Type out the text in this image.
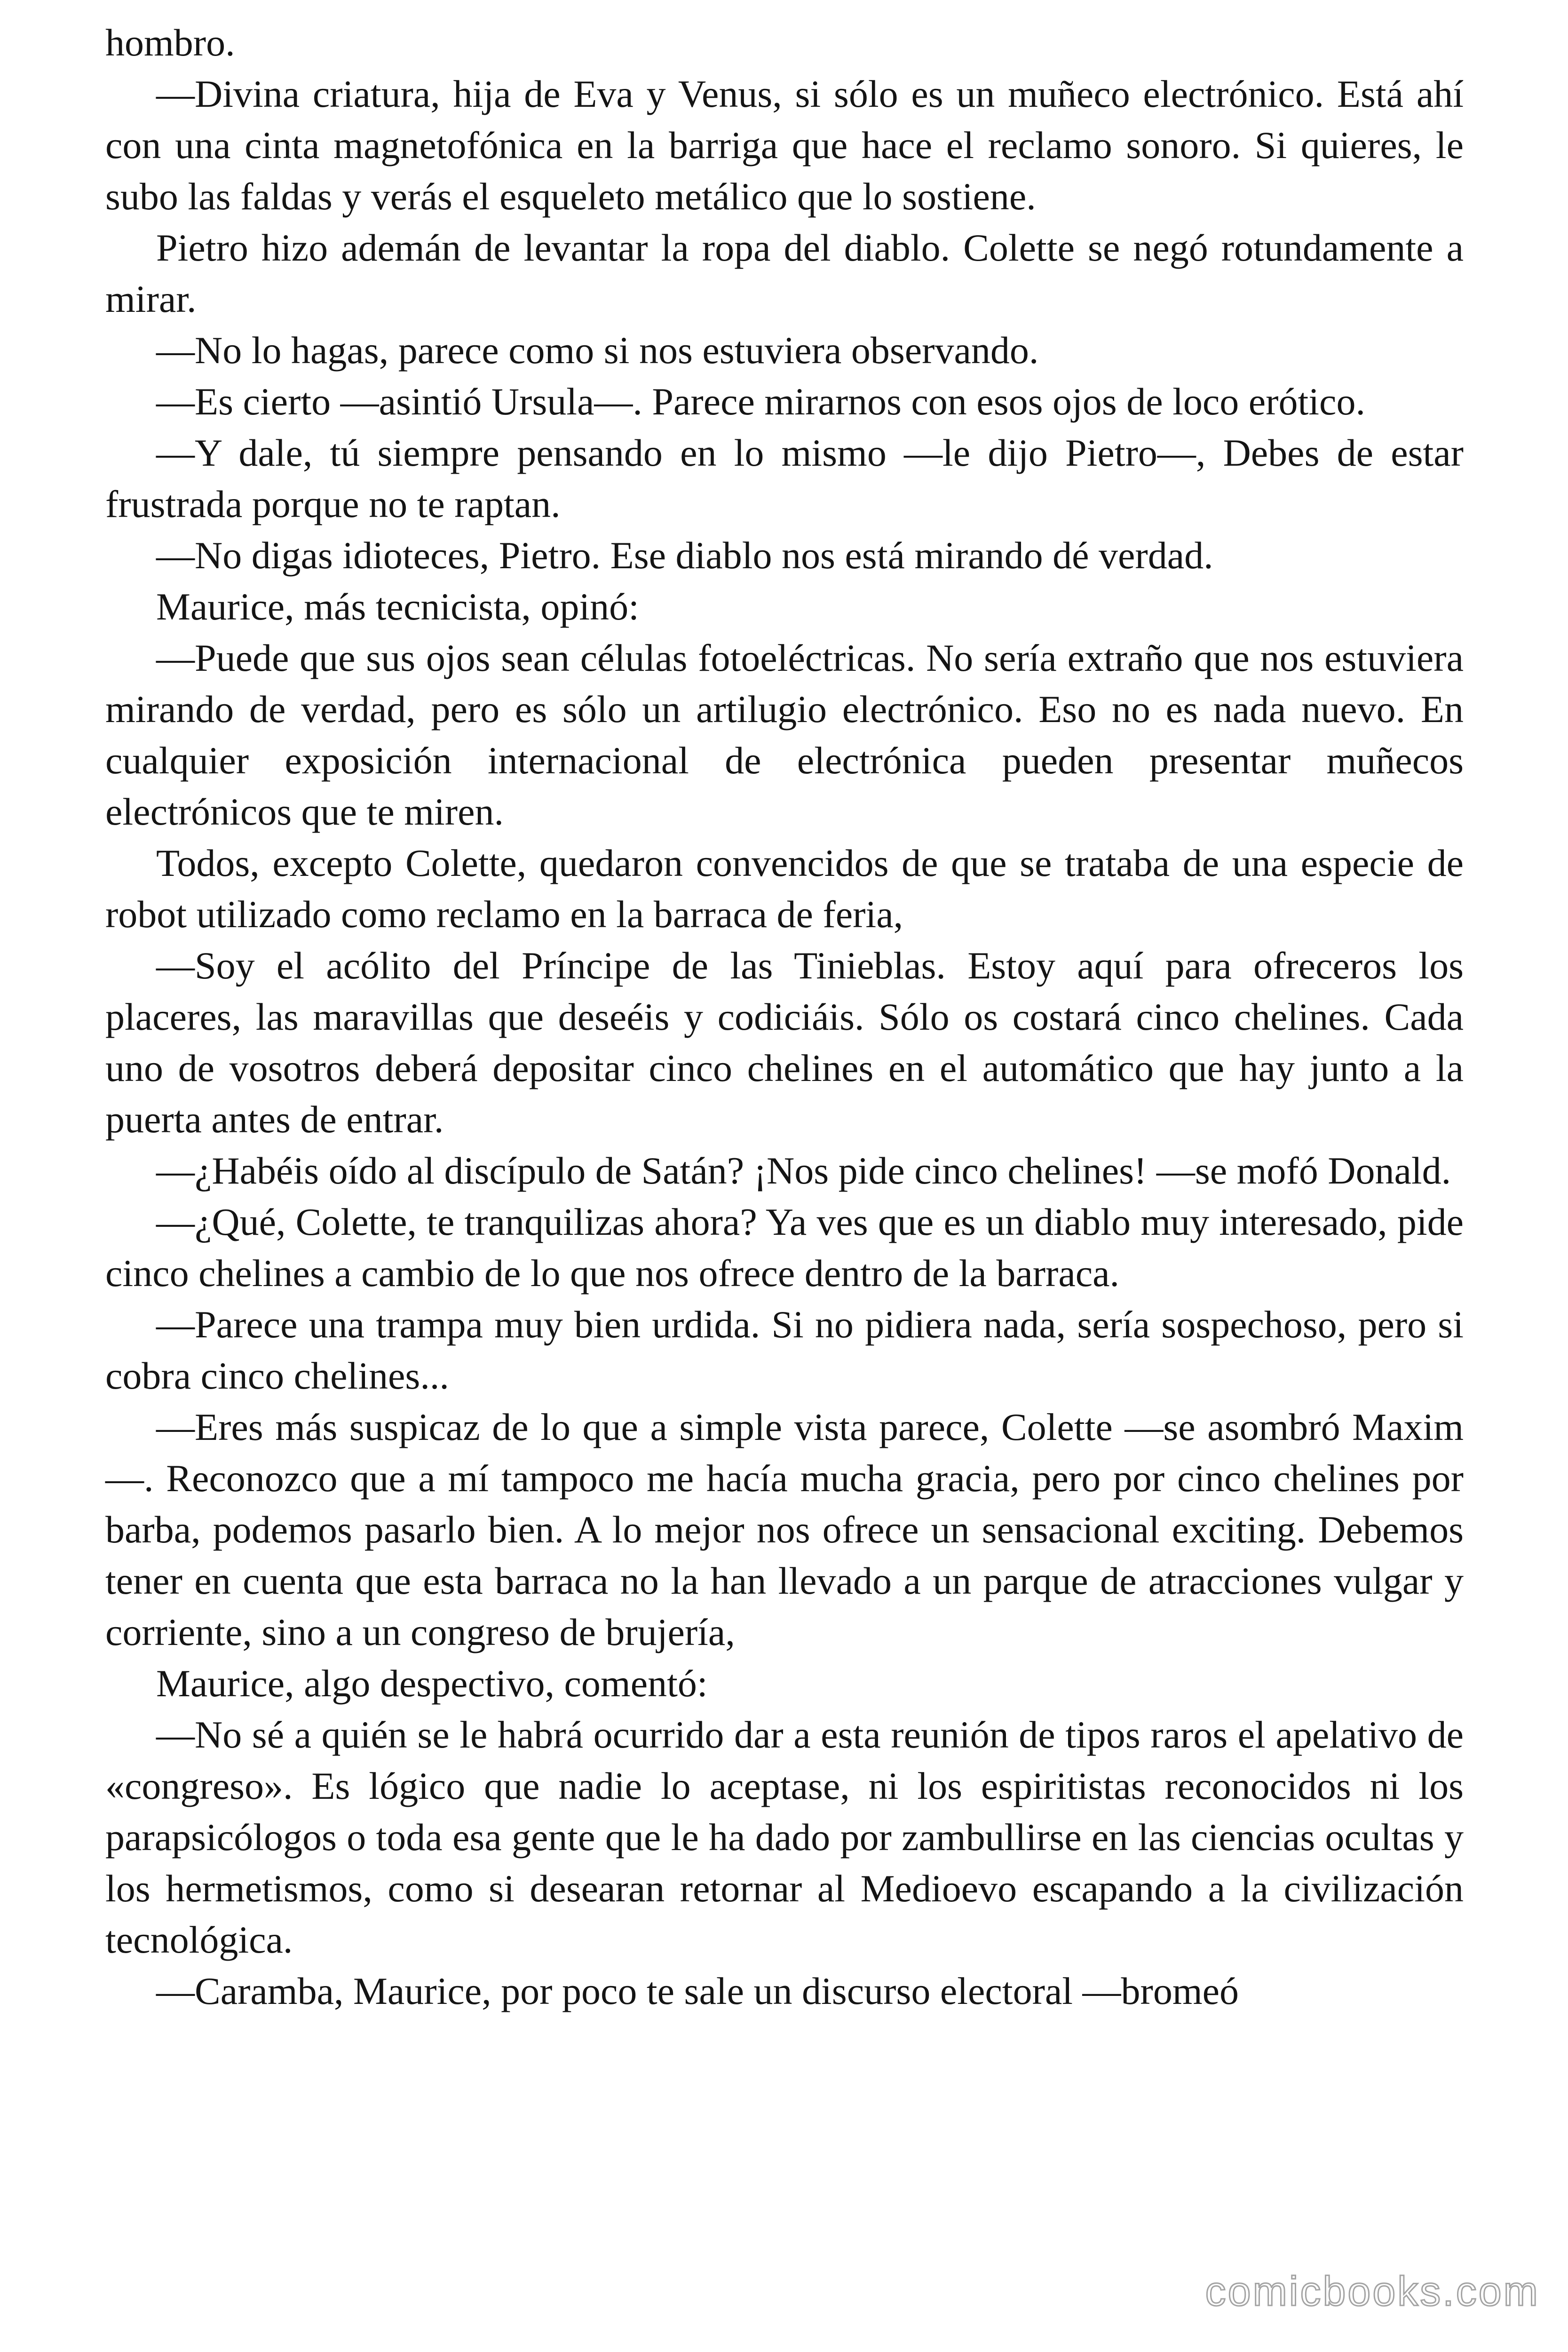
hombro.

—Divina criatura, hija de Eva y Venus, si sólo es un muñeco electrónico. Está ahí con una cinta magnetofónica en la barriga que hace el reclamo sonoro. Si quieres, le subo las faldas y verás el esqueleto metálico que lo sostiene.

Pietro hizo ademán de levantar la ropa del diablo. Colette se negó rotundamente a mirar.

—No lo hagas, parece como si nos estuviera observando.

—Es cierto —asintió Ursula—. Parece mirarnos con esos ojos de loco erótico.

—Y dale, tú siempre pensando en lo mismo —le dijo Pietro—, Debes de estar frustrada porque no te raptan.

—No digas idioteces, Pietro. Ese diablo nos está mirando dé verdad.

Maurice, más tecnicista, opinó:

—Puede que sus ojos sean células fotoeléctricas. No sería extraño que nos estuviera mirando de verdad, pero es sólo un artilugio electrónico. Eso no es nada nuevo. En cualquier exposición internacional de electrónica pueden presentar muñecos electrónicos que te miren.

Todos, excepto Colette, quedaron convencidos de que se trataba de una especie de robot utilizado como reclamo en la barraca de feria,

—Soy el acólito del Príncipe de las Tinieblas. Estoy aquí para ofreceros los placeres, las maravillas que deseéis y codiciáis. Sólo os costará cinco chelines. Cada uno de vosotros deberá depositar cinco chelines en el automático que hay junto a la puerta antes de entrar.

—¿Habéis oído al discípulo de Satán? ¡Nos pide cinco chelines! —se mofó Donald.

—¿Qué, Colette, te tranquilizas ahora? Ya ves que es un diablo muy interesado, pide cinco chelines a cambio de lo que nos ofrece dentro de la barraca.

—Parece una trampa muy bien urdida. Si no pidiera nada, sería sospechoso, pero si cobra cinco chelines...

—Eres más suspicaz de lo que a simple vista parece, Colette —se asombró Maxim—. Reconozco que a mí tampoco me hacía mucha gracia, pero por cinco chelines por barba, podemos pasarlo bien. A lo mejor nos ofrece un sensacional exciting. Debemos tener en cuenta que esta barraca no la han llevado a un parque de atracciones vulgar y corriente, sino a un congreso de brujería,

Maurice, algo despectivo, comentó:

—No sé a quién se le habrá ocurrido dar a esta reunión de tipos raros el apelativo de «congreso». Es lógico que nadie lo aceptase, ni los espiritistas reconocidos ni los parapsicólogos o toda esa gente que le ha dado por zambullirse en las ciencias ocultas y los hermetismos, como si desearan retornar al Medioevo escapando a la civilización tecnológica.

—Caramba, Maurice, por poco te sale un discurso electoral —bromeó

comicbooks.com
